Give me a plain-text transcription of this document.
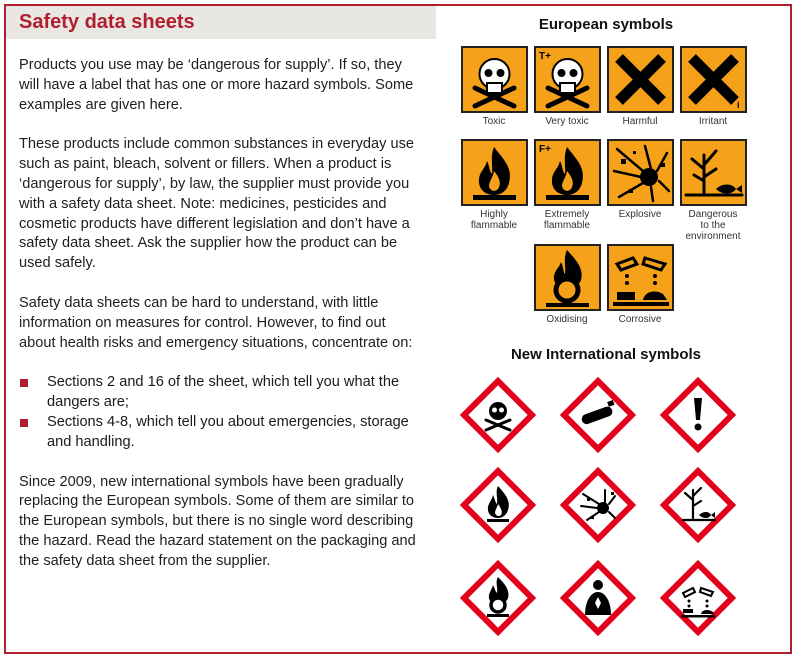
Safety data sheets

Products you use may be ‘dangerous for supply’. If so, they will have a label that has one or more hazard symbols. Some examples are given here.

These products include common substances in everyday use such as paint, bleach, solvent or fillers. When a product is ‘dangerous for supply’, by law, the supplier must provide you with a safety data sheet. Note: medicines, pesticides and cosmetic products have different legislation and don’t have a safety data sheet. Ask the supplier how the product can be used safely.

Safety data sheets can be hard to understand, with little information on measures for control. However, to find out about health risks and emergency situations, concentrate on:

Sections 2 and 16 of the sheet, which tell you what the dangers are;
Sections 4-8, which tell you about emergencies, storage and handling.

Since 2009, new international symbols have been gradually replacing the European symbols. Some of them are similar to the European symbols, but there is no single word describing the hazard. Read the hazard statement on the packaging and the safety data sheet from the supplier.

European symbols
Toxic
T+
Very toxic	Harmful
i
Irritant
Highly
flammable
F+
Extremely
flammable
Explosive	Dangerous
to the
environment
Oxidising	Corrosive
New International symbols
